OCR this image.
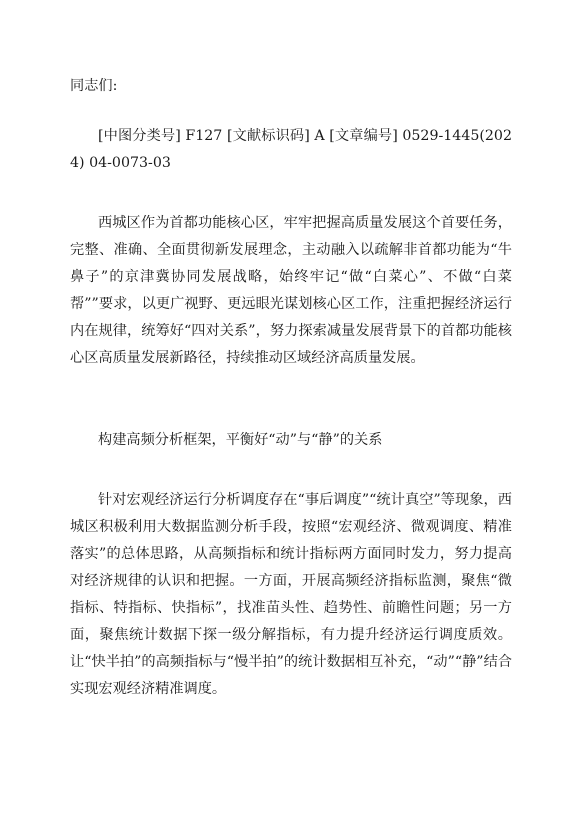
同志们:

[中图分类号] F127 [文献标识码] A [文章编号] 0529-1445(2024) 04-0073-03

西城区作为首都功能核心区，牢牢把握高质量发展这个首要任务，完整、准确、全面贯彻新发展理念，主动融入以疏解非首都功能为“牛鼻子”的京津冀协同发展战略，始终牢记“做“白菜心”、不做“白菜帮””要求，以更广视野、更远眼光谋划核心区工作，注重把握经济运行内在规律，统筹好“四对关系”，努力探索减量发展背景下的首都功能核心区高质量发展新路径，持续推动区域经济高质量发展。

构建高频分析框架，平衡好“动”与“静”的关系

针对宏观经济运行分析调度存在“事后调度”“统计真空”等现象，西城区积极利用大数据监测分析手段，按照“宏观经济、微观调度、精准落实”的总体思路，从高频指标和统计指标两方面同时发力，努力提高对经济规律的认识和把握。一方面，开展高频经济指标监测，聚焦“微指标、特指标、快指标”，找准苗头性、趋势性、前瞻性问题；另一方面，聚焦统计数据下探一级分解指标，有力提升经济运行调度质效。让“快半拍”的高频指标与“慢半拍”的统计数据相互补充，“动”“静”结合实现宏观经济精准调度。
